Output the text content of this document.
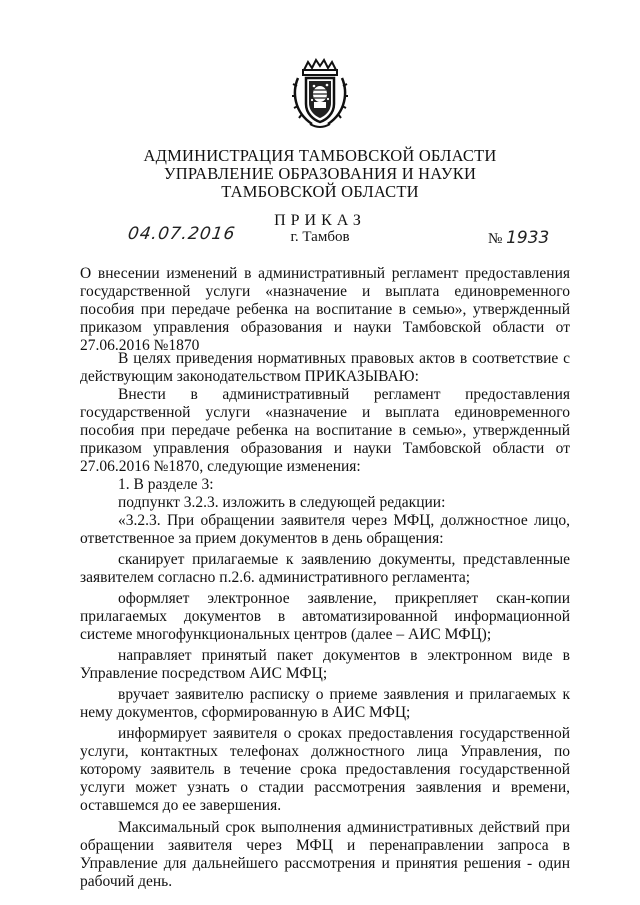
АДМИНИСТРАЦИЯ ТАМБОВСКОЙ ОБЛАСТИ
УПРАВЛЕНИЕ ОБРАЗОВАНИЯ И НАУКИ
ТАМБОВСКОЙ ОБЛАСТИ
ПРИКАЗ
04.07.2016	г. Тамбов	№ 1933
О внесении изменений в административный регламент предоставления государственной услуги «назначение и выплата единовременного пособия при передаче ребенка на воспитание в семью», утвержденный приказом управления образования и науки Тамбовской области от 27.06.2016 №1870

В целях приведения нормативных правовых актов в соответствие с действующим законодательством ПРИКАЗЫВАЮ:

Внести в административный регламент предоставления государственной услуги «назначение и выплата единовременного пособия при передаче ребенка на воспитание в семью», утвержденный приказом управления образования и науки Тамбовской области от 27.06.2016 №1870, следующие изменения:

1. В разделе 3:

подпункт 3.2.3. изложить в следующей редакции:

«3.2.3. При обращении заявителя через МФЦ, должностное лицо, ответственное за прием документов в день обращения:

сканирует прилагаемые к заявлению документы, представленные заявителем согласно п.2.6. административного регламента;

оформляет электронное заявление, прикрепляет скан-копии прилагаемых документов в автоматизированной информационной системе многофункциональных центров (далее – АИС МФЦ);

направляет принятый пакет документов в электронном виде в Управление посредством АИС МФЦ;

вручает заявителю расписку о приеме заявления и прилагаемых к нему документов, сформированную в АИС МФЦ;

информирует заявителя о сроках предоставления государственной услуги, контактных телефонах должностного лица Управления, по которому заявитель в течение срока предоставления государственной услуги может узнать о стадии рассмотрения заявления и времени, оставшемся до ее завершения.

Максимальный срок выполнения административных действий при обращении заявителя через МФЦ и перенаправлении запроса в Управление для дальнейшего рассмотрения и принятия решения - один рабочий день.
